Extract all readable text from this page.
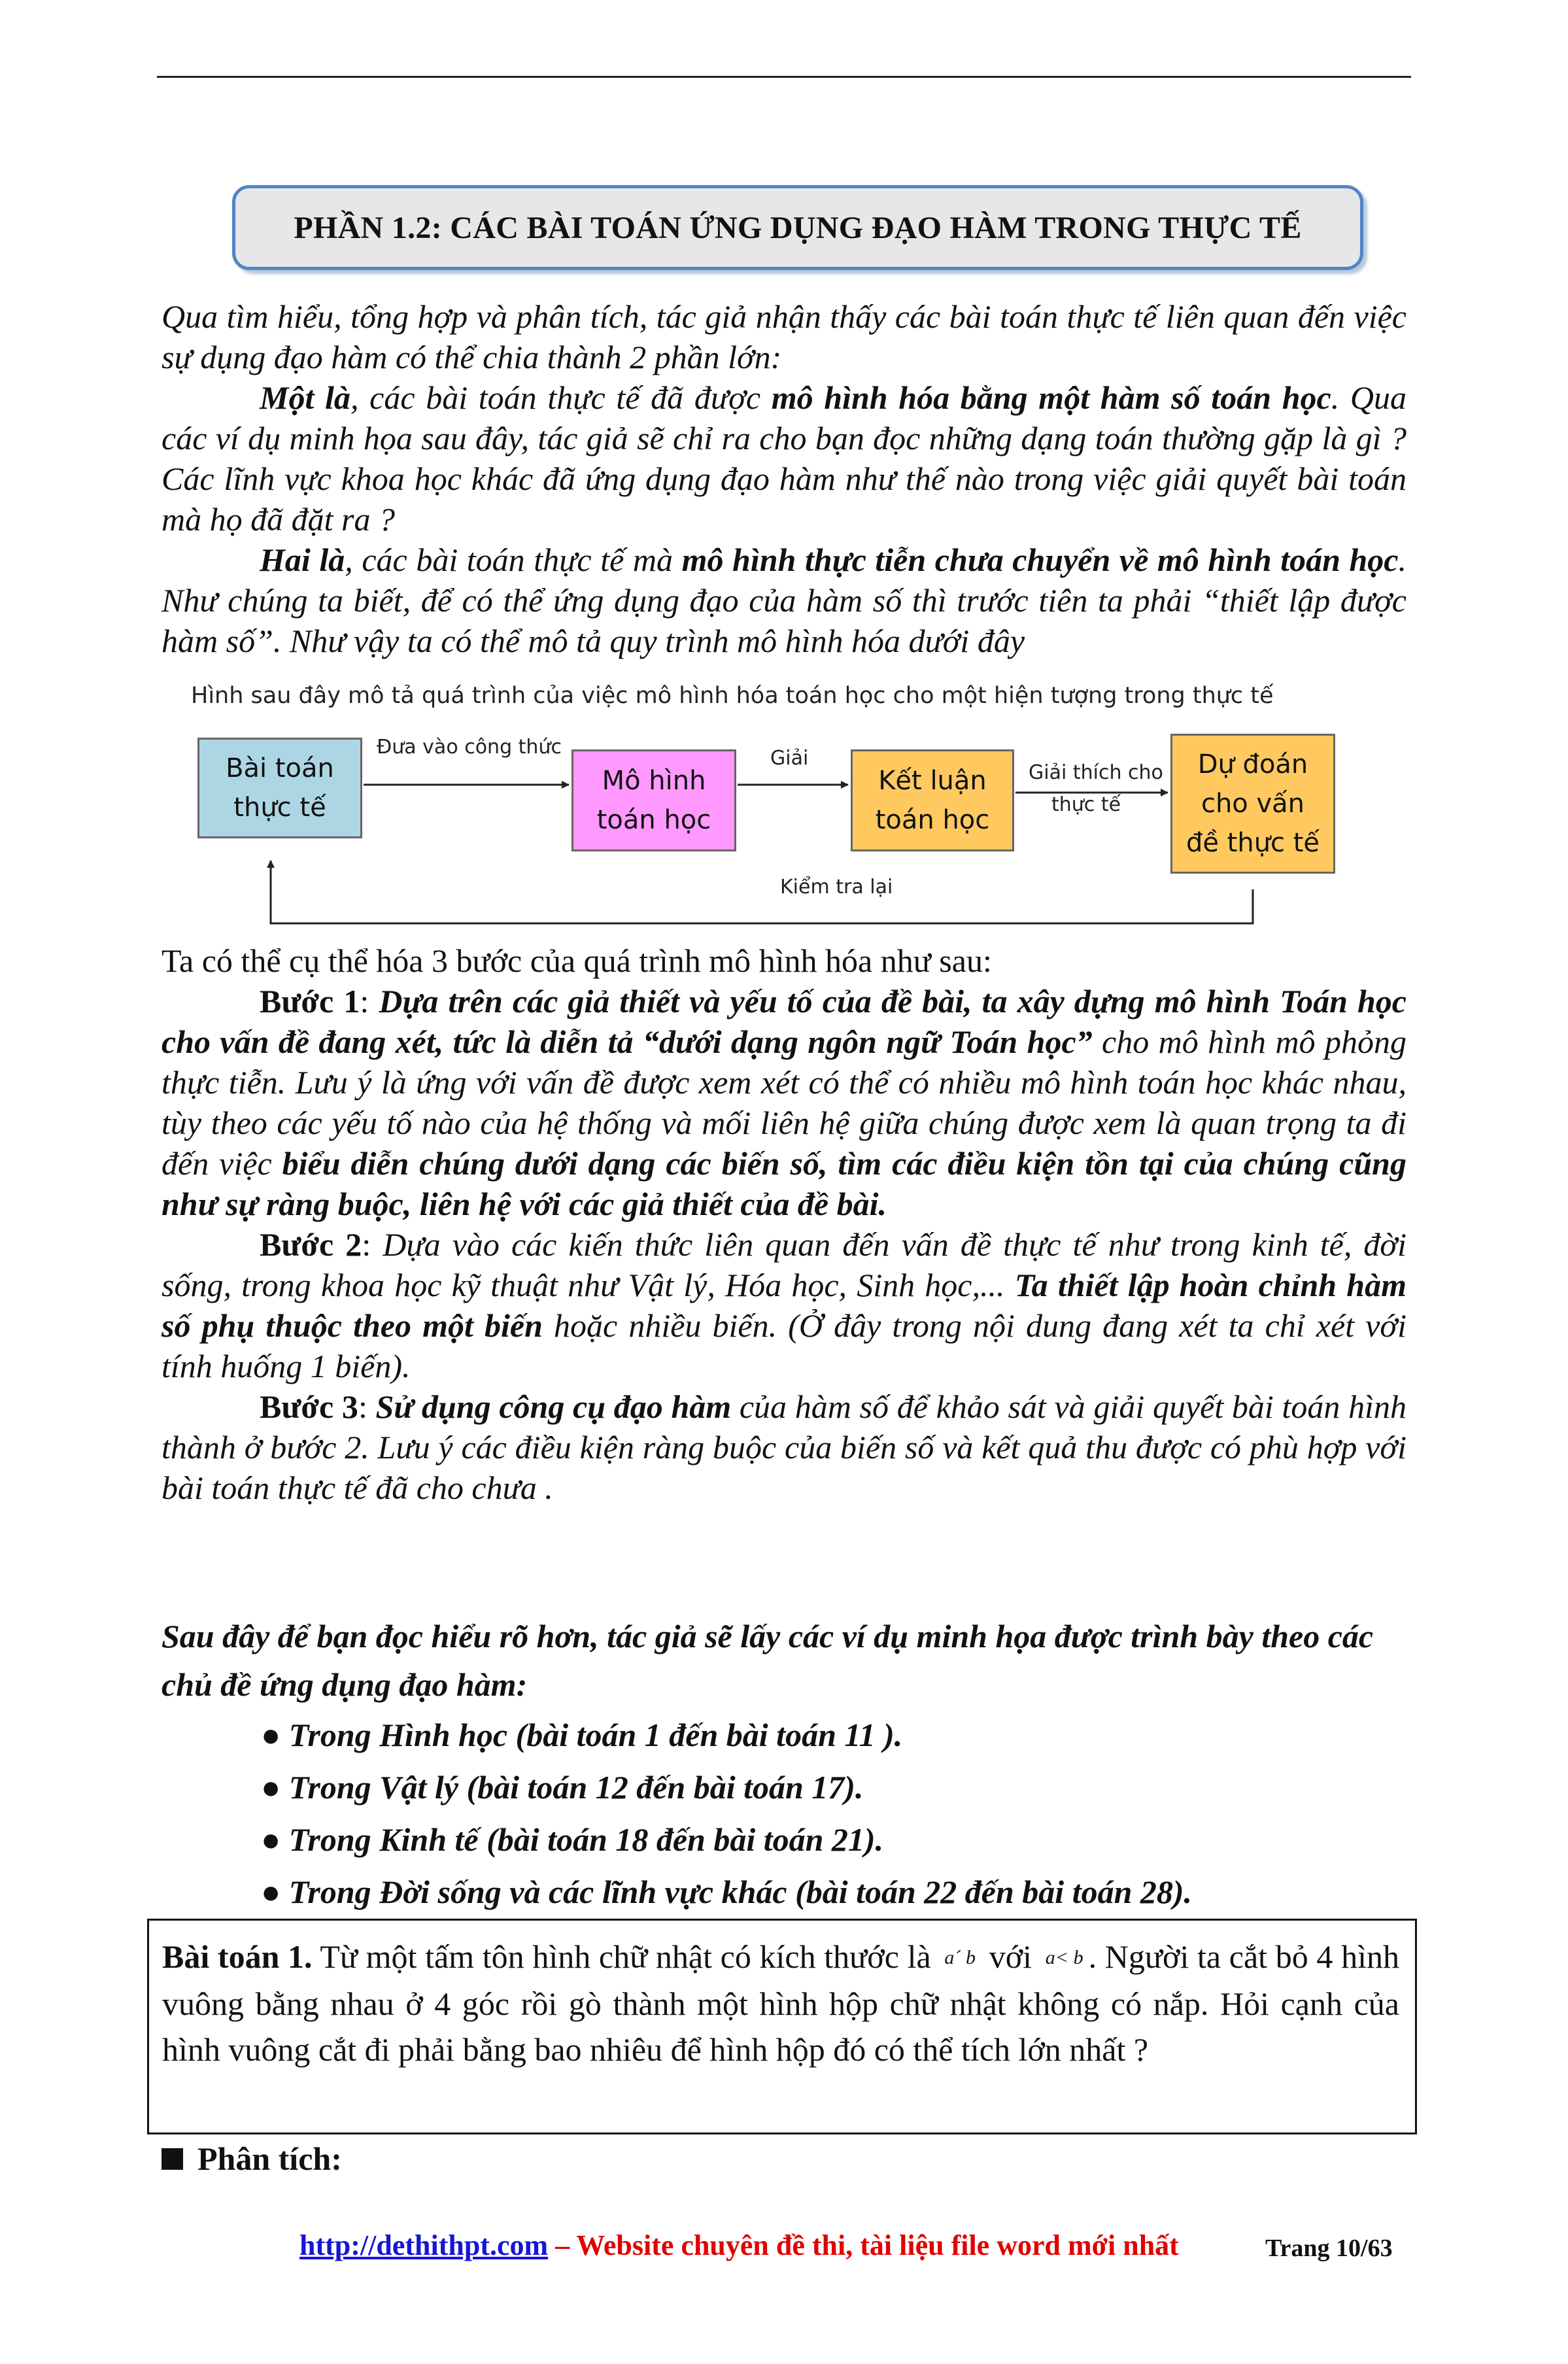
PHẦN 1.2: CÁC BÀI TOÁN ỨNG DỤNG ĐẠO HÀM TRONG THỰC TẾ

Qua tìm hiểu, tổng hợp và phân tích, tác giả nhận thấy các bài toán thực tế liên quan đến việc sự dụng đạo hàm có thể chia thành 2 phần lớn:

Một là, các bài toán thực tế đã được mô hình hóa bằng một hàm số toán học. Qua các ví dụ minh họa sau đây, tác giả sẽ chỉ ra cho bạn đọc những dạng toán thường gặp là gì ? Các lĩnh vực khoa học khác đã ứng dụng đạo hàm như thế nào trong việc giải quyết bài toán mà họ đã đặt ra ?

Hai là, các bài toán thực tế mà mô hình thực tiễn chưa chuyển về mô hình toán học. Như chúng ta biết, để có thể ứng dụng đạo của hàm số thì trước tiên ta phải “thiết lập được hàm số”. Như vậy ta có thể mô tả quy trình mô hình hóa dưới đây

Hình sau đây mô tả quá trình của việc mô hình hóa toán học cho một hiện tượng trong thực tế
Bài toán
thực tế
Mô hình
toán học
Kết luận
toán học
Dự đoán
cho vấn
đề thực tế
Đưa vào công thức	Giải
Giải thích cho
thực tế
Kiểm tra lại

Ta có thể cụ thể hóa 3 bước của quá trình mô hình hóa như sau:

Bước 1: Dựa trên các giả thiết và yếu tố của đề bài, ta xây dựng mô hình Toán học cho vấn đề đang xét, tức là diễn tả “dưới dạng ngôn ngữ Toán học” cho mô hình mô phỏng thực tiễn. Lưu ý là ứng với vấn đề được xem xét có thể có nhiều mô hình toán học khác nhau, tùy theo các yếu tố nào của hệ thống và mối liên hệ giữa chúng được xem là quan trọng ta đi đến việc biểu diễn chúng dưới dạng các biến số, tìm các điều kiện tồn tại của chúng cũng như sự ràng buộc, liên hệ với các giả thiết của đề bài.

Bước 2: Dựa vào các kiến thức liên quan đến vấn đề thực tế như trong kinh tế, đời sống, trong khoa học kỹ thuật như Vật lý, Hóa học, Sinh học,... Ta thiết lập hoàn chỉnh hàm số phụ thuộc theo một biến hoặc nhiều biến. (Ở đây trong nội dung đang xét ta chỉ xét với tính huống 1 biến).

Bước 3: Sử dụng công cụ đạo hàm của hàm số để khảo sát và giải quyết bài toán hình thành ở bước 2. Lưu ý các điều kiện ràng buộc của biến số và kết quả thu được có phù hợp với bài toán thực tế đã cho chưa .

Sau đây để bạn đọc hiểu rõ hơn, tác giả sẽ lấy các ví dụ minh họa được trình bày theo các chủ đề ứng dụng đạo hàm:

● Trong Hình học (bài toán 1 đến bài toán 11 ).

● Trong Vật lý (bài toán 12 đến bài toán 17).

● Trong Kinh tế (bài toán 18 đến bài toán 21).

● Trong Đời sống và các lĩnh vực khác (bài toán 22 đến bài toán 28).

Bài toán 1. Từ một tấm tôn hình chữ nhật có kích thước là a´ b với a< b . Người ta cắt bỏ 4 hình vuông bằng nhau ở 4 góc rồi gò thành một hình hộp chữ nhật không có nắp. Hỏi cạnh của hình vuông cắt đi phải bằng bao nhiêu để hình hộp đó có thể tích lớn nhất ?

Phân tích:
http://dethithpt.com – Website chuyên đề thi, tài liệu file word mới nhất	Trang 10/63
